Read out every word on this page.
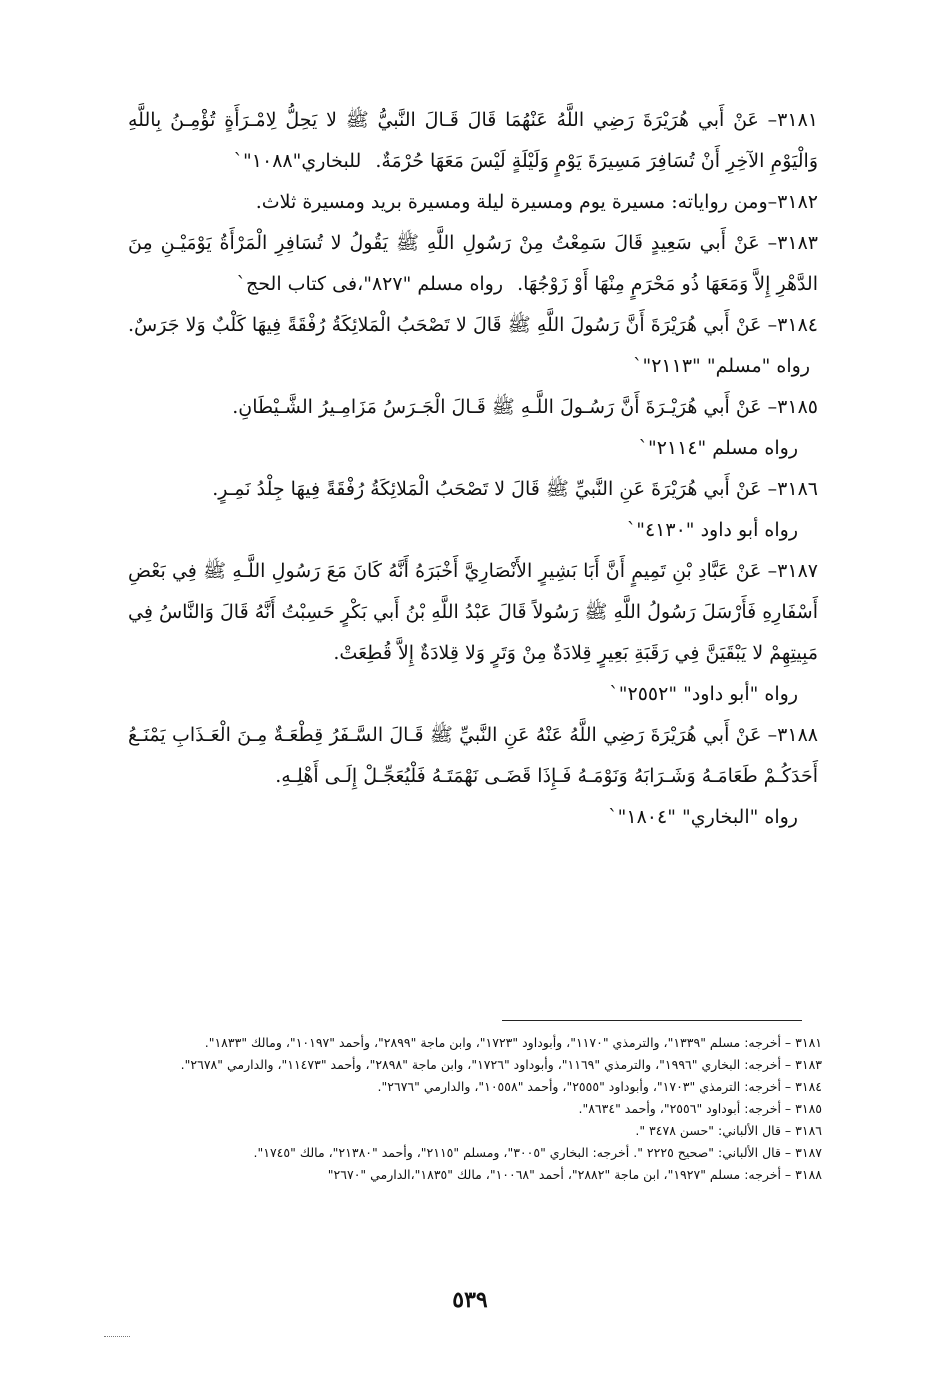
٣١٨١– عَنْ أَبي هُرَيْرَةَ رَضِي اللَّهُ عَنْهُمَا قَالَ قَـالَ النَّبيُّ ﷺ لا يَحِلُّ لِامْـرَأَةٍ تُؤْمِـنُ بِاللَّهِ وَالْيَوْمِ الآخِرِ أَنْ تُسَافِرَ مَسِيرَةَ يَوْمٍ وَلَيْلَةٍ لَيْسَ مَعَهَا حُرْمَةٌ. للبخاري"١٠٨٨"`

٣١٨٢–ومن رواياته: مسيرة يوم ومسيرة ليلة ومسيرة بريد ومسيرة ثلاث.

٣١٨٣– عَنْ أَبي سَعِيدٍ قَالَ سَمِعْتُ مِنْ رَسُولِ اللَّهِ ﷺ يَقُولُ لا تُسَافِرِ الْمَرْأَةُ يَوْمَيْـنِ مِنَ الدَّهْرِ إِلاَّ وَمَعَهَا ذُو مَحْرَمٍ مِنْهَا أَوْ زَوْجُهَا. رواه مسلم "٨٢٧"،فى كتاب الحج`

٣١٨٤– عَنْ أَبي هُرَيْرَةَ أَنَّ رَسُولَ اللَّهِ ﷺ قَالَ لا تَصْحَبُ الْمَلائِكَةُ رُفْقَةً فِيهَا كَلْبٌ وَلا جَرَسٌ. رواه "مسلم" "٢١١٣"`

٣١٨٥– عَنْ أَبي هُرَيْـرَةَ أَنَّ رَسُـولَ اللَّـهِ ﷺ قَـالَ الْجَـرَسُ مَزَامِـيرُ الشَّـيْطَانِ.
رواه مسلم "٢١١٤"`

٣١٨٦– عَنْ أَبي هُرَيْرَةَ عَنِ النَّبيِّ ﷺ قَالَ لا تَصْحَبُ الْمَلائِكَةُ رُفْقَةً فِيهَا جِلْدُ نَمِـرٍ.
رواه أبو داود "٤١٣٠"`

٣١٨٧– عَنْ عَبَّادِ بْنِ تَمِيمٍ أَنَّ أَبَا بَشِيرٍ الأَنْصَارِيَّ أَخْبَرَهُ أَنَّهُ كَانَ مَعَ رَسُولِ اللَّـهِ ﷺ فِي بَعْضِ أَسْفَارِهِ فَأَرْسَلَ رَسُولُ اللَّهِ ﷺ رَسُولاً قَالَ عَبْدُ اللَّهِ بْنُ أَبي بَكْرٍ حَسِبْتُ أَنَّهُ قَالَ وَالنَّاسُ فِي مَبِيتِهِمْ لا يَبْقَيَنَّ فِي رَقَبَةِ بَعِيرٍ قِلادَةٌ مِنْ وَتَرٍ وَلا قِلادَةٌ إِلاَّ قُطِعَتْ.
رواه "أبو داود" "٢٥٥٢"`

٣١٨٨– عَنْ أَبي هُرَيْرَةَ رَضِي اللَّهُ عَنْهُ عَنِ النَّبيِّ ﷺ قَـالَ السَّـفَرُ قِطْعَـةٌ مِـنَ الْعَـذَابِ يَمْنَـعُ أَحَدَكُـمْ طَعَامَـهُ وَشَـرَابَهُ وَنَوْمَـهُ فَـإِذَا قَضَـى نَهْمَتَـهُ فَلْيُعَجِّـلْ إِلَـى أَهْلِـهِ.
رواه "البخاري" "١٨٠٤"`

٣١٨١ – أخرجه: مسلم "١٣٣٩"، والترمذي "١١٧٠"، وأبوداود "١٧٢٣"، وابن ماجة "٢٨٩٩"، وأحمد "١٠١٩٧"، ومالك "١٨٣٣".

٣١٨٣ – أخرجه: البخاري "١٩٩٦"، والترمذي "١١٦٩"، وأبوداود "١٧٢٦"، وابن ماجة "٢٨٩٨"، وأحمد "١١٤٧٣"، والدارمي "٢٦٧٨".

٣١٨٤ – أخرجه: الترمذي "١٧٠٣"، وأبوداود "٢٥٥٥"، وأحمد "١٠٥٥٨"، والدارمي "٢٦٧٦".

٣١٨٥ – أخرجه: أبوداود "٢٥٥٦"، وأحمد "٨٦٣٤".

٣١٨٦ – قال الألباني: "حسن ٣٤٧٨ ".

٣١٨٧ – قال الألباني: "صحيح ٢٢٢٥ ". أخرجه: البخاري "٣٠٠٥"، ومسلم "٢١١٥"، وأحمد "٢١٣٨٠"، مالك "١٧٤٥".

٣١٨٨ – أخرجه: مسلم "١٩٢٧"، ابن ماجة "٢٨٨٢"، أحمد "١٠٠٦٨"، مالك "١٨٣٥"،الدارمي "٢٦٧٠"

٥٣٩
